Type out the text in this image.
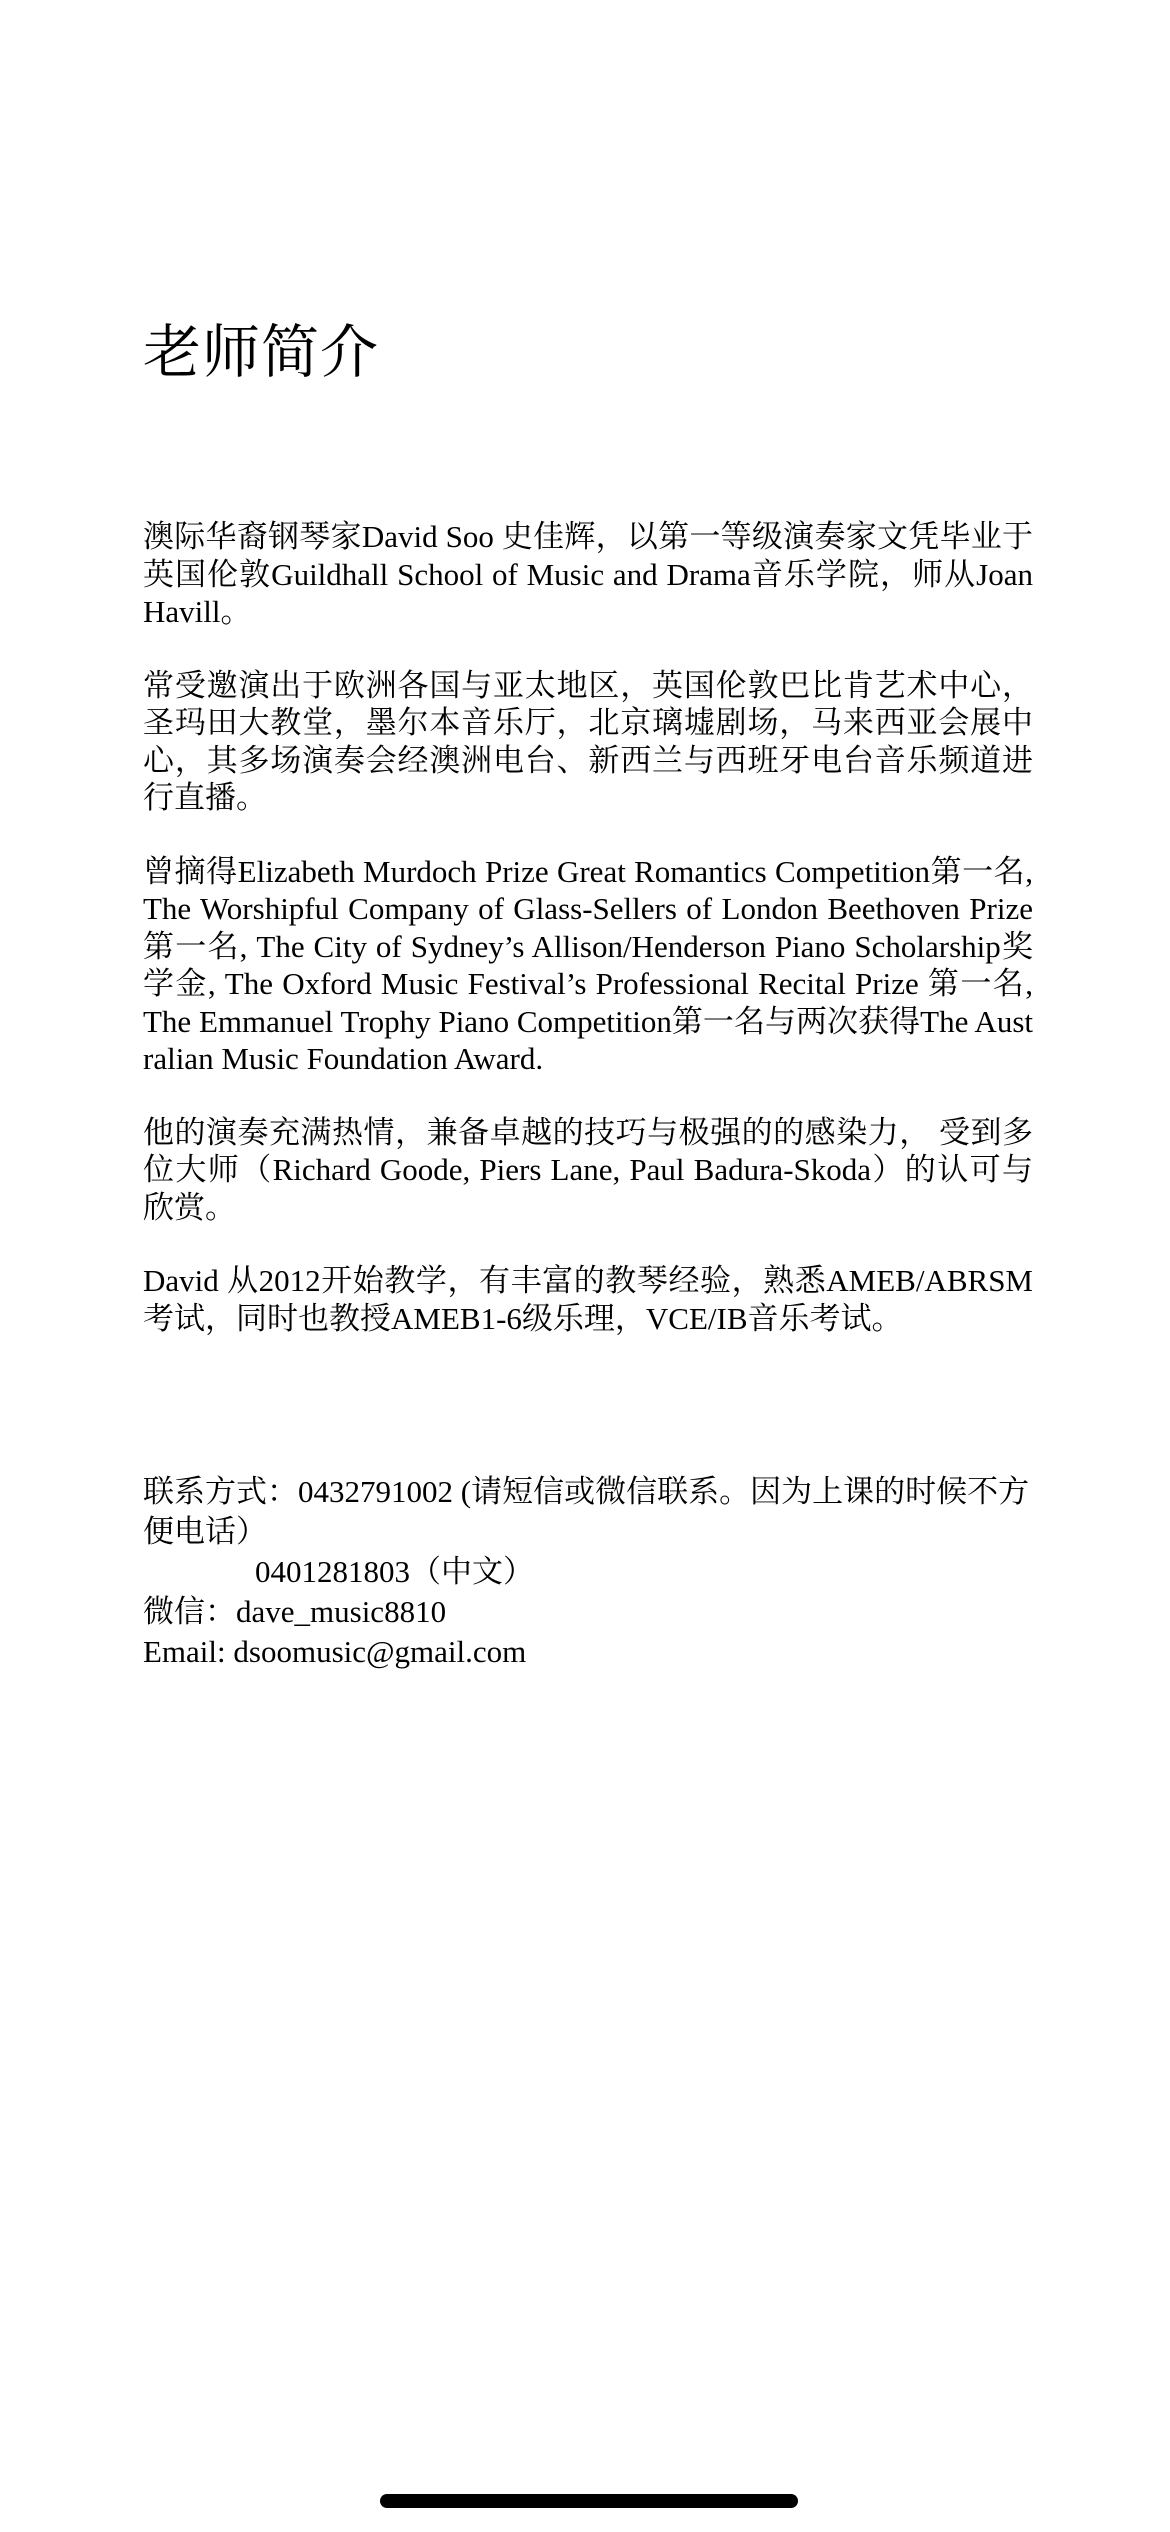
老师简介

澳际华裔钢琴家David Soo 史佳辉，以第一等级演奏家文凭毕业于英国伦敦Guildhall School of Music and Drama音乐学院，师从Joan Havill。

常受邀演出于欧洲各国与亚太地区，英国伦敦巴比肯艺术中心， 圣玛田大教堂，墨尔本音乐厅，北京璃墟剧场，马来西亚会展中心，其多场演奏会经澳洲电台、新西兰与西班牙电台音乐频道进行直播。

曾摘得Elizabeth Murdoch Prize Great Romantics Competition第一名, The Worshipful Company of Glass-Sellers of London Beethoven Prize 第一名, The City of Sydney’s Allison/Henderson Piano Scholarship奖学金, The Oxford Music Festival’s Professional Recital Prize 第一名, The Emmanuel Trophy Piano Competition第一名与两次获得The Australian Music Foundation Award.

他的演奏充满热情，兼备卓越的技巧与极强的的感染力， 受到多位大师（Richard Goode, Piers Lane, Paul Badura-Skoda）的认可与欣赏。

David 从2012开始教学，有丰富的教琴经验，熟悉AMEB/ABRSM考试，同时也教授AMEB1-6级乐理，VCE/IB音乐考试。

联系方式：0432791002 (请短信或微信联系。因为上课的时候不方便电话）
0401281803（中文）
微信：dave_music8810
Email: dsoomusic@gmail.com
